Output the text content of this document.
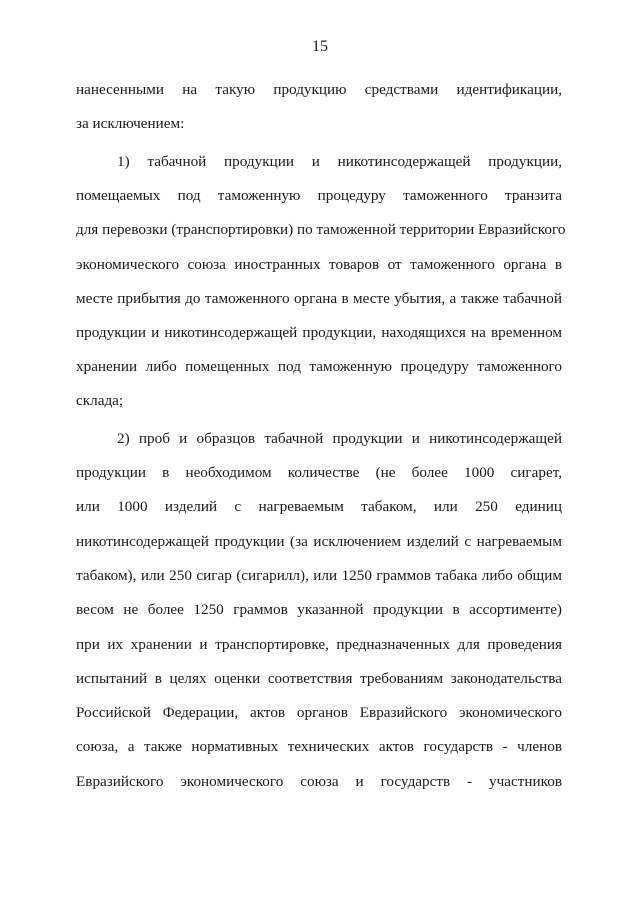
15
нанесенными на такую продукцию средствами идентификации,
за исключением:
1) табачной продукции и никотинсодержащей продукции,
помещаемых под таможенную процедуру таможенного транзита
для перевозки (транспортировки) по таможенной территории Евразийского
экономического союза иностранных товаров от таможенного органа в
месте прибытия до таможенного органа в месте убытия, а также табачной
продукции и никотинсодержащей продукции, находящихся на временном
хранении либо помещенных под таможенную процедуру таможенного
склада;
2) проб и образцов табачной продукции и никотинсодержащей
продукции в необходимом количестве (не более 1000 сигарет,
или 1000 изделий с нагреваемым табаком, или 250 единиц
никотинсодержащей продукции (за исключением изделий с нагреваемым
табаком), или 250 сигар (сигарилл), или 1250 граммов табака либо общим
весом не более 1250 граммов указанной продукции в ассортименте)
при их хранении и транспортировке, предназначенных для проведения
испытаний в целях оценки соответствия требованиям законодательства
Российской Федерации, актов органов Евразийского экономического
союза, а также нормативных технических актов государств - членов
Евразийского экономического союза и государств - участников
